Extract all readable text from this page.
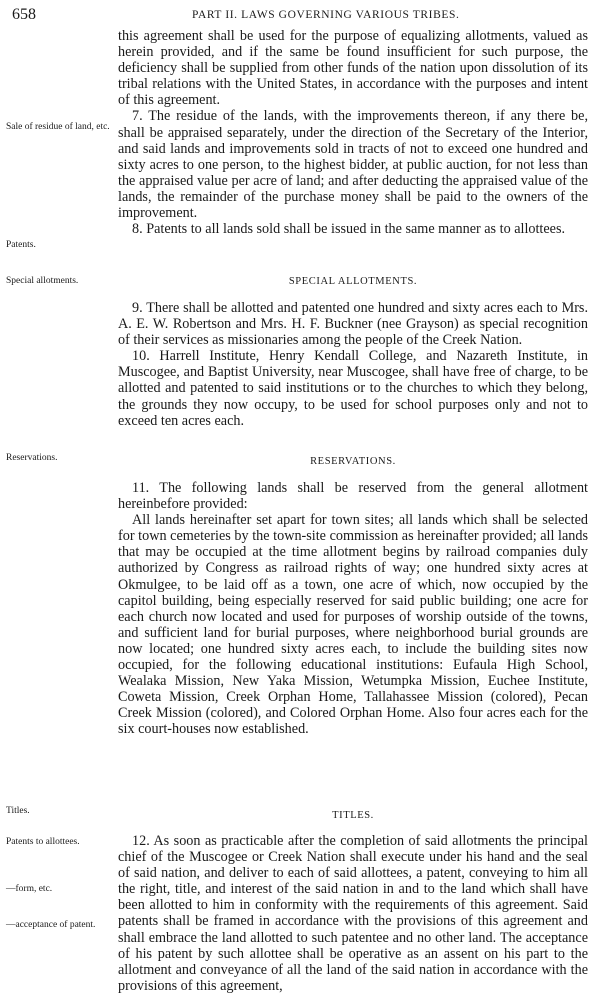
658	PART II. LAWS GOVERNING VARIOUS TRIBES.
Sale of residue of land, etc.
Patents.
Special allotments.
Reservations.
Titles.
Patents to allottees.
—form, etc.
—acceptance of patent.

this agreement shall be used for the purpose of equalizing allotments, valued as herein provided, and if the same be found insufficient for such purpose, the deficiency shall be supplied from other funds of the nation upon dissolution of its tribal relations with the United States, in accordance with the purposes and intent of this agreement.

7. The residue of the lands, with the improvements thereon, if any there be, shall be appraised separately, under the direction of the Secretary of the Interior, and said lands and improvements sold in tracts of not to exceed one hundred and sixty acres to one person, to the highest bidder, at public auction, for not less than the appraised value per acre of land; and after deducting the appraised value of the lands, the remainder of the purchase money shall be paid to the owners of the improvement.

8. Patents to all lands sold shall be issued in the same manner as to allottees.

SPECIAL ALLOTMENTS.

9. There shall be allotted and patented one hundred and sixty acres each to Mrs. A. E. W. Robertson and Mrs. H. F. Buckner (nee Grayson) as special recognition of their services as missionaries among the people of the Creek Nation.

10. Harrell Institute, Henry Kendall College, and Nazareth Institute, in Muscogee, and Baptist University, near Muscogee, shall have free of charge, to be allotted and patented to said institutions or to the churches to which they belong, the grounds they now occupy, to be used for school purposes only and not to exceed ten acres each.

RESERVATIONS.

11. The following lands shall be reserved from the general allotment hereinbefore provided:

All lands hereinafter set apart for town sites; all lands which shall be selected for town cemeteries by the town-site commission as hereinafter provided; all lands that may be occupied at the time allotment begins by railroad companies duly authorized by Congress as railroad rights of way; one hundred sixty acres at Okmulgee, to be laid off as a town, one acre of which, now occupied by the capitol building, being especially reserved for said public building; one acre for each church now located and used for purposes of worship outside of the towns, and sufficient land for burial purposes, where neighborhood burial grounds are now located; one hundred sixty acres each, to include the building sites now occupied, for the following educational institutions: Eufaula High School, Wealaka Mission, New Yaka Mission, Wetumpka Mission, Euchee Institute, Coweta Mission, Creek Orphan Home, Tallahassee Mission (colored), Pecan Creek Mission (colored), and Colored Orphan Home. Also four acres each for the six court-houses now established.

TITLES.

12. As soon as practicable after the completion of said allotments the principal chief of the Muscogee or Creek Nation shall execute under his hand and the seal of said nation, and deliver to each of said allottees, a patent, conveying to him all the right, title, and interest of the said nation in and to the land which shall have been allotted to him in conformity with the requirements of this agreement. Said patents shall be framed in accordance with the provisions of this agreement and shall embrace the land allotted to such patentee and no other land. The acceptance of his patent by such allottee shall be operative as an assent on his part to the allotment and conveyance of all the land of the said nation in accordance with the provisions of this agreement,
